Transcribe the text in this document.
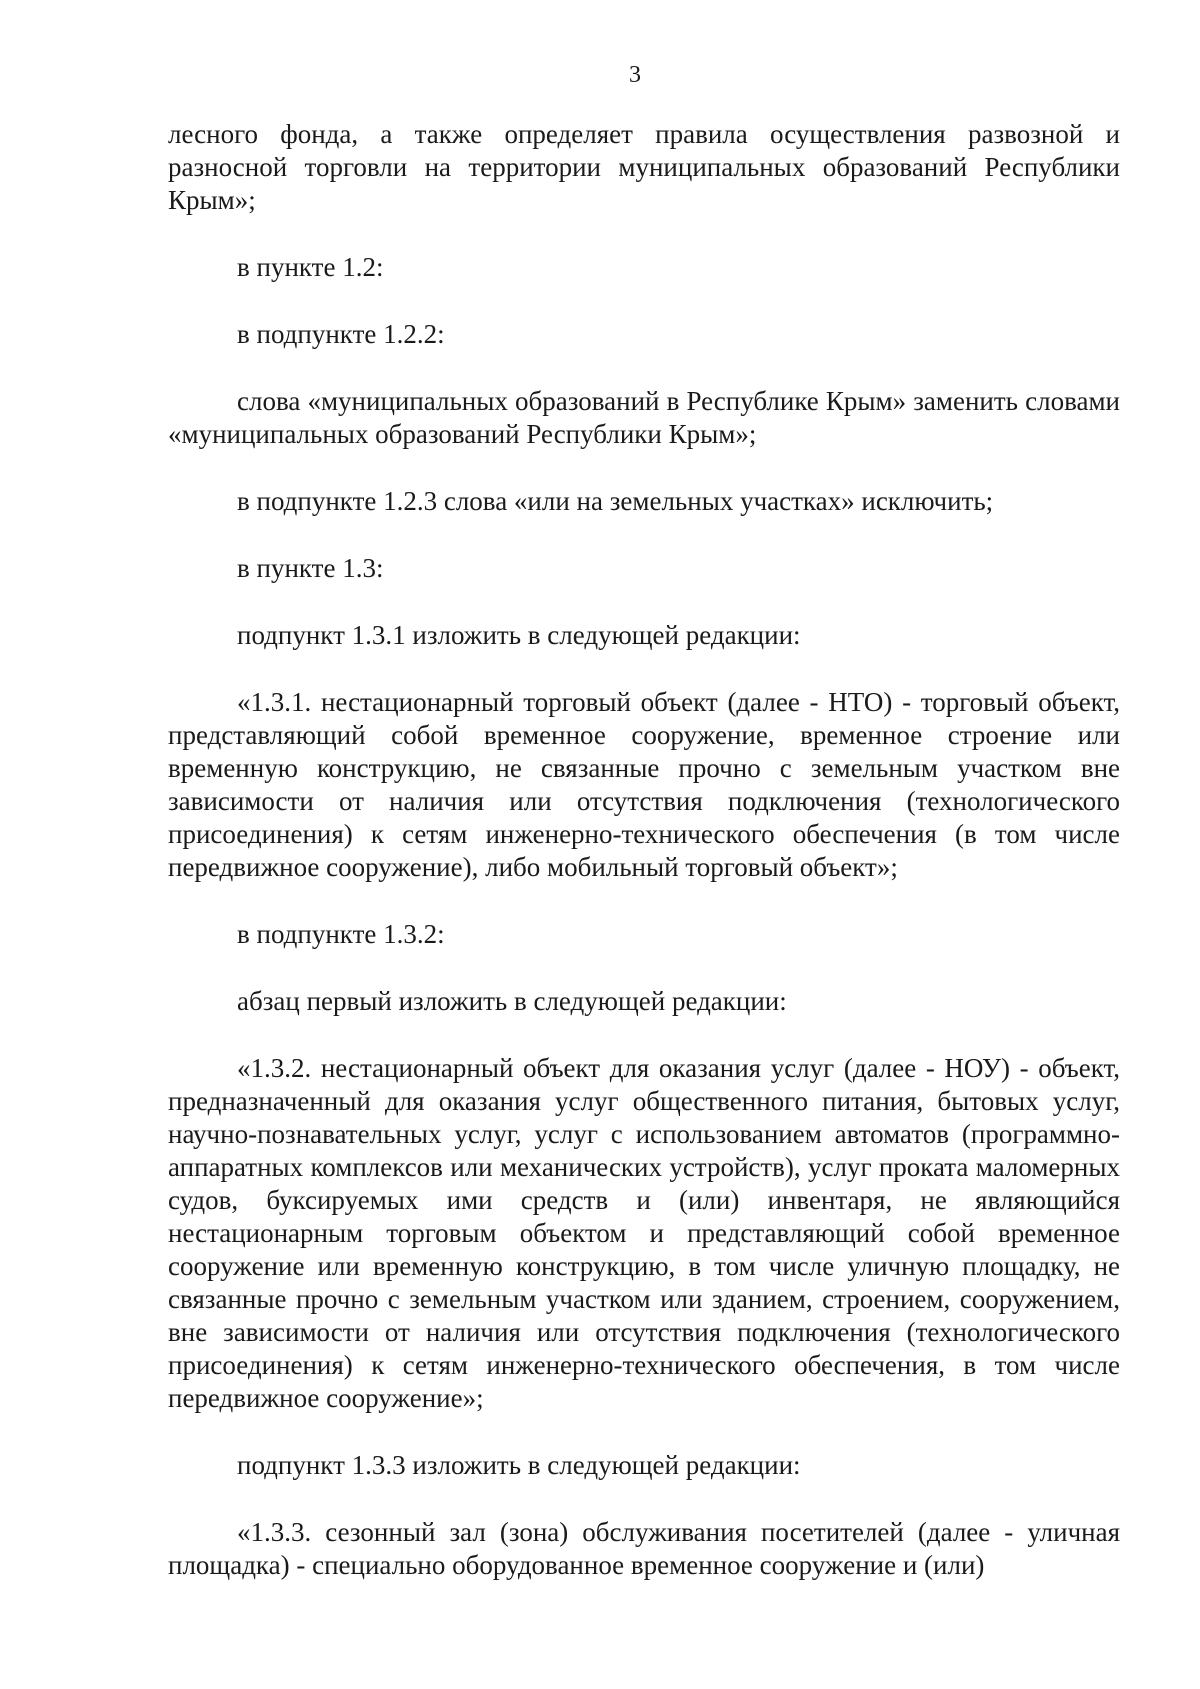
3

лесного фонда, а также определяет правила осуществления развозной и разносной торговли на территории муниципальных образований Республики Крым»;

в пункте 1.2:

в подпункте 1.2.2:

слова «муниципальных образований в Республике Крым» заменить словами «муниципальных образований Республики Крым»;

в подпункте 1.2.3 слова «или на земельных участках» исключить;

в пункте 1.3:

подпункт 1.3.1 изложить в следующей редакции:

«1.3.1. нестационарный торговый объект (далее - НТО) - торговый объект, представляющий собой временное сооружение, временное строение или временную конструкцию, не связанные прочно с земельным участком вне зависимости от наличия или отсутствия подключения (технологического присоединения) к сетям инженерно-технического обеспечения (в том числе передвижное сооружение), либо мобильный торговый объект»;

в подпункте 1.3.2:

абзац первый изложить в следующей редакции:

«1.3.2. нестационарный объект для оказания услуг (далее - НОУ) - объект, предназначенный для оказания услуг общественного питания, бытовых услуг, научно-познавательных услуг, услуг с использованием автоматов (программно-аппаратных комплексов или механических устройств), услуг проката маломерных судов, буксируемых ими средств и (или) инвентаря, не являющийся нестационарным торговым объектом и представляющий собой временное сооружение или временную конструкцию, в том числе уличную площадку, не связанные прочно с земельным участком или зданием, строением, сооружением, вне зависимости от наличия или отсутствия подключения (технологического присоединения) к сетям инженерно-технического обеспечения, в том числе передвижное сооружение»;

подпункт 1.3.3 изложить в следующей редакции:

«1.3.3. сезонный зал (зона) обслуживания посетителей (далее - уличная площадка) - специально оборудованное временное сооружение и (или)
